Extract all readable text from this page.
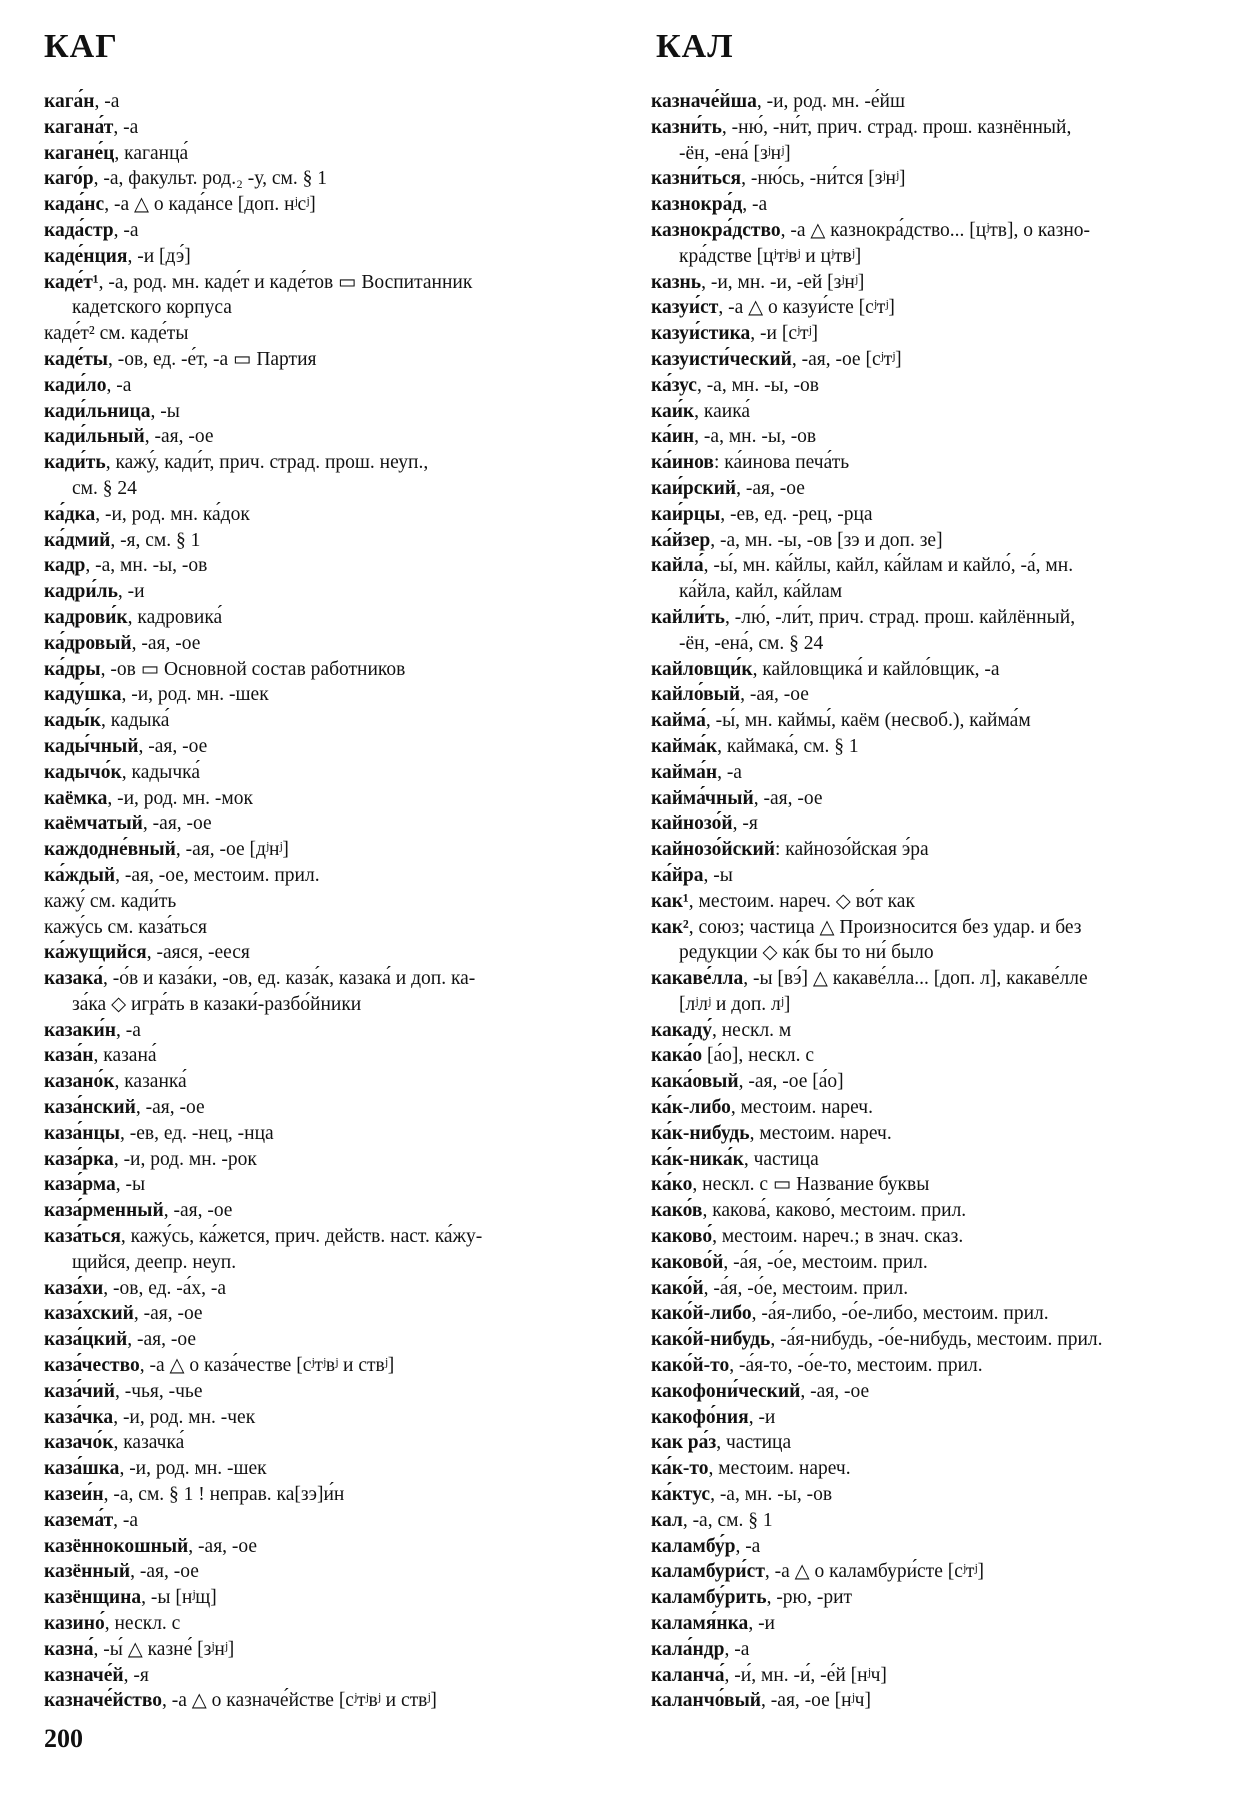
КАГ	КАЛ
кага́н, -а
кагана́т, -а
кагане́ц, каганца́
каго́р, -а, факульт. род.₂ -у, см. § 1
када́нс, -а △ о када́нсе [доп. нʲсʲ]
када́стр, -а
каде́нция, -и [дэ́]
каде́т¹, -а, род. мн. каде́т и каде́тов ▭ Воспитанник
кадетского корпуса
каде́т² см. каде́ты
каде́ты, -ов, ед. -е́т, -а ▭ Партия
кади́ло, -а
кади́льница, -ы
кади́льный, -ая, -ое
кади́ть, кажу́, кади́т, прич. страд. прош. неуп.,
см. § 24
ка́дка, -и, род. мн. ка́док
ка́дмий, -я, см. § 1
кадр, -а, мн. -ы, -ов
кадри́ль, -и
кадрови́к, кадровика́
ка́дровый, -ая, -ое
ка́дры, -ов ▭ Основной состав работников
каду́шка, -и, род. мн. -шек
кады́к, кадыка́
кады́чный, -ая, -ое
кадычо́к, кадычка́
каёмка, -и, род. мн. -мок
каёмчатый, -ая, -ое
каждодне́вный, -ая, -ое [дʲнʲ]
ка́ждый, -ая, -ое, местоим. прил.
кажу́ см. кади́ть
кажу́сь см. каза́ться
ка́жущийся, -аяся, -ееся
казака́, -о́в и каза́ки, -ов, ед. каза́к, казака́ и доп. ка-
за́ка ◇ игра́ть в казаки́-разбо́йники
казаки́н, -а
каза́н, казана́
казано́к, казанка́
каза́нский, -ая, -ое
каза́нцы, -ев, ед. -нец, -нца
каза́рка, -и, род. мн. -рок
каза́рма, -ы
каза́рменный, -ая, -ое
каза́ться, кажу́сь, ка́жется, прич. действ. наст. ка́жу-
щийся, деепр. неуп.
каза́хи, -ов, ед. -а́х, -а
каза́хский, -ая, -ое
каза́цкий, -ая, -ое
каза́чество, -а △ о каза́честве [сʲтʲвʲ и ствʲ]
каза́чий, -чья, -чье
каза́чка, -и, род. мн. -чек
казачо́к, казачка́
каза́шка, -и, род. мн. -шек
казеи́н, -а, см. § 1 ! неправ. ка[зэ]и́н
казема́т, -а
казённокошный, -ая, -ое
казённый, -ая, -ое
казёнщина, -ы [нʲщ]
казино́, нескл. с
казна́, -ы́ △ казне́ [зʲнʲ]
казначе́й, -я
казначе́йство, -а △ о казначе́йстве [сʲтʲвʲ и ствʲ]
казначе́йша, -и, род. мн. -е́йш
казни́ть, -ню́, -ни́т, прич. страд. прош. казнённый,
-ён, -ена́ [зʲнʲ]
казни́ться, -ню́сь, -ни́тся [зʲнʲ]
казнокра́д, -а
казнокра́дство, -а △ казнокра́дство... [цʲтв], о казно-
кра́дстве [цʲтʲвʲ и цʲтвʲ]
казнь, -и, мн. -и, -ей [зʲнʲ]
казуи́ст, -а △ о казуи́сте [сʲтʲ]
казуи́стика, -и [сʲтʲ]
казуисти́ческий, -ая, -ое [сʲтʲ]
ка́зус, -а, мн. -ы, -ов
каи́к, каика́
ка́ин, -а, мн. -ы, -ов
ка́инов: ка́инова печа́ть
каи́рский, -ая, -ое
каи́рцы, -ев, ед. -рец, -рца
ка́йзер, -а, мн. -ы, -ов [зэ и доп. зе]
кайла́, -ы́, мн. ка́йлы, кайл, ка́йлам и кайло́, -а́, мн.
ка́йла, кайл, ка́йлам
кайли́ть, -лю́, -ли́т, прич. страд. прош. кайлённый,
-ён, -ена́, см. § 24
кайловщи́к, кайловщика́ и кайло́вщик, -а
кайло́вый, -ая, -ое
кайма́, -ы́, мн. каймы́, каём (несвоб.), кайма́м
кайма́к, каймака́, см. § 1
кайма́н, -а
кайма́чный, -ая, -ое
кайнозо́й, -я
кайнозо́йский: кайнозо́йская э́ра
ка́йра, -ы
как¹, местоим. нареч. ◇ во́т как
как², союз; частица △ Произносится без удар. и без
редукции ◇ ка́к бы то ни́ было
какаве́лла, -ы [вэ́] △ какаве́лла... [доп. л], какаве́лле
[лʲлʲ и доп. лʲ]
какаду́, нескл. м
кака́о [а́о], нескл. с
кака́овый, -ая, -ое [а́о]
ка́к-либо, местоим. нареч.
ка́к-нибудь, местоим. нареч.
ка́к-ника́к, частица
ка́ко, нескл. с ▭ Название буквы
како́в, какова́, каково́, местоим. прил.
каково́, местоим. нареч.; в знач. сказ.
каково́й, -а́я, -о́е, местоим. прил.
како́й, -а́я, -о́е, местоим. прил.
како́й-либо, -а́я-либо, -о́е-либо, местоим. прил.
како́й-нибудь, -а́я-нибудь, -о́е-нибудь, местоим. прил.
како́й-то, -а́я-то, -о́е-то, местоим. прил.
какофони́ческий, -ая, -ое
какофо́ния, -и
как ра́з, частица
ка́к-то, местоим. нареч.
ка́ктус, -а, мн. -ы, -ов
кал, -а, см. § 1
каламбу́р, -а
каламбури́ст, -а △ о каламбури́сте [сʲтʲ]
каламбу́рить, -рю, -рит
каламя́нка, -и
кала́ндр, -а
каланча́, -и́, мн. -и́, -е́й [нʲч]
каланчо́вый, -ая, -ое [нʲч]
200
